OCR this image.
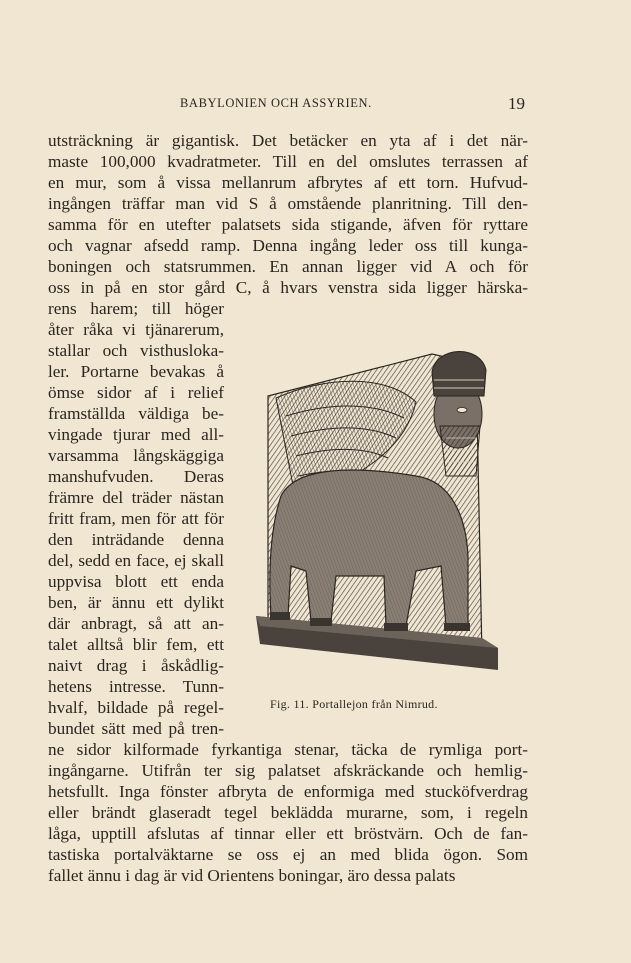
BABYLONIEN OCH ASSYRIEN.	19
utsträckning är gigantisk. Det betäcker en yta af i det när-
maste 100,000 kvadratmeter. Till en del omslutes terrassen af
en mur, som å vissa mellanrum afbrytes af ett torn. Hufvud-
ingången träffar man vid S å omstående planritning. Till den-
samma för en utefter palatsets sida stigande, äfven för ryttare
och vagnar afsedd ramp. Denna ingång leder oss till kunga-
boningen och statsrummen. En annan ligger vid A och för
oss in på en stor gård C, å hvars venstra sida ligger härska-
rens harem; till höger
åter råka vi tjänarerum,
stallar och visthusloka-
ler. Portarne bevakas å
ömse sidor af i relief
framställda väldiga be-
vingade tjurar med all-
varsamma långskäggiga
manshufvuden. Deras
främre del träder nästan
fritt fram, men för att för
den inträdande denna
del, sedd en face, ej skall
uppvisa blott ett enda
ben, är ännu ett dylikt
där anbragt, så att an-
talet alltså blir fem, ett
naivt drag i åskådlig-
hetens intresse. Tunn-
hvalf, bildade på regel-
bundet sätt med på tren-
ne sidor kilformade fyrkantiga stenar, täcka de rymliga port-
ingångarne. Utifrån ter sig palatset afskräckande och hemlig-
hetsfullt. Inga fönster afbryta de enformiga med stucköfverdrag
eller brändt glaseradt tegel beklädda murarne, som, i regeln
låga, upptill afslutas af tinnar eller ett bröstvärn. Och de fan-
tastiska portalväktarne se oss ej an med blida ögon. Som
fallet ännu i dag är vid Orientens boningar, äro dessa palats
Fig. 11. Portallejon från Nimrud.
